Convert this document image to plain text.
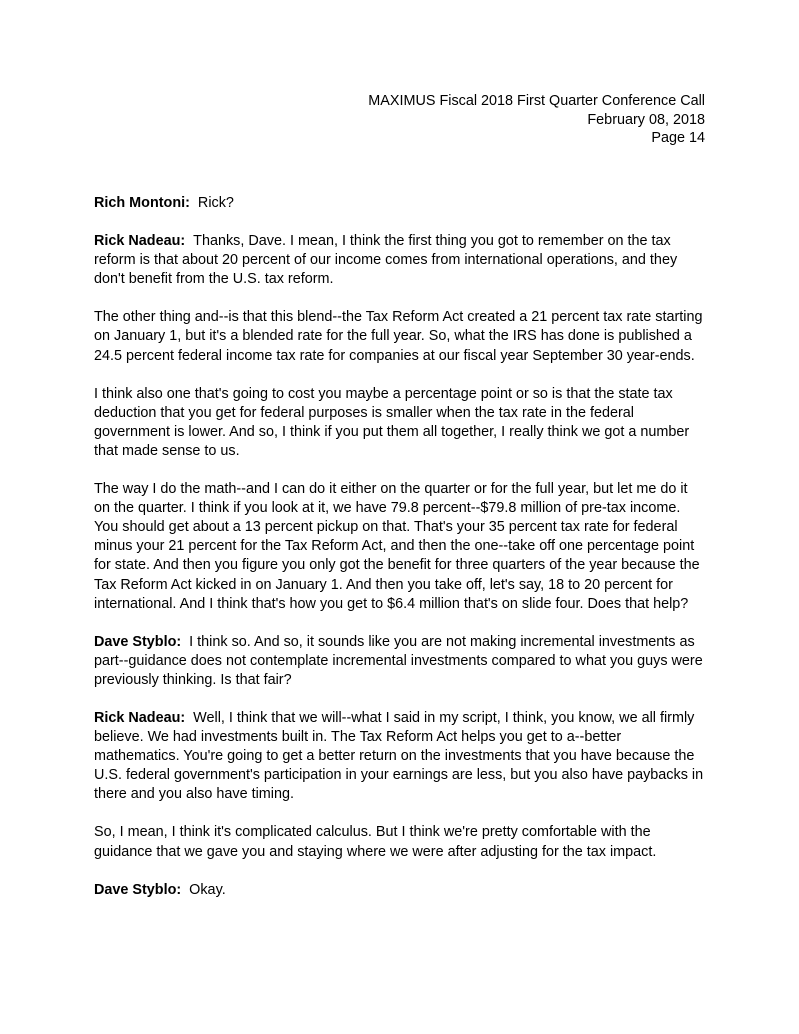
MAXIMUS Fiscal 2018 First Quarter Conference Call
February 08, 2018
Page 14
Rich Montoni: Rick?
Rick Nadeau: Thanks, Dave. I mean, I think the first thing you got to remember on the tax
reform is that about 20 percent of our income comes from international operations, and they
don't benefit from the U.S. tax reform.
The other thing and--is that this blend--the Tax Reform Act created a 21 percent tax rate starting
on January 1, but it's a blended rate for the full year. So, what the IRS has done is published a
24.5 percent federal income tax rate for companies at our fiscal year September 30 year-ends.
I think also one that's going to cost you maybe a percentage point or so is that the state tax
deduction that you get for federal purposes is smaller when the tax rate in the federal
government is lower. And so, I think if you put them all together, I really think we got a number
that made sense to us.
The way I do the math--and I can do it either on the quarter or for the full year, but let me do it
on the quarter. I think if you look at it, we have 79.8 percent--$79.8 million of pre-tax income.
You should get about a 13 percent pickup on that. That's your 35 percent tax rate for federal
minus your 21 percent for the Tax Reform Act, and then the one--take off one percentage point
for state. And then you figure you only got the benefit for three quarters of the year because the
Tax Reform Act kicked in on January 1. And then you take off, let's say, 18 to 20 percent for
international. And I think that's how you get to $6.4 million that's on slide four. Does that help?
Dave Styblo: I think so. And so, it sounds like you are not making incremental investments as
part--guidance does not contemplate incremental investments compared to what you guys were
previously thinking. Is that fair?
Rick Nadeau: Well, I think that we will--what I said in my script, I think, you know, we all firmly
believe. We had investments built in. The Tax Reform Act helps you get to a--better
mathematics. You're going to get a better return on the investments that you have because the
U.S. federal government's participation in your earnings are less, but you also have paybacks in
there and you also have timing.
So, I mean, I think it's complicated calculus. But I think we're pretty comfortable with the
guidance that we gave you and staying where we were after adjusting for the tax impact.
Dave Styblo: Okay.
